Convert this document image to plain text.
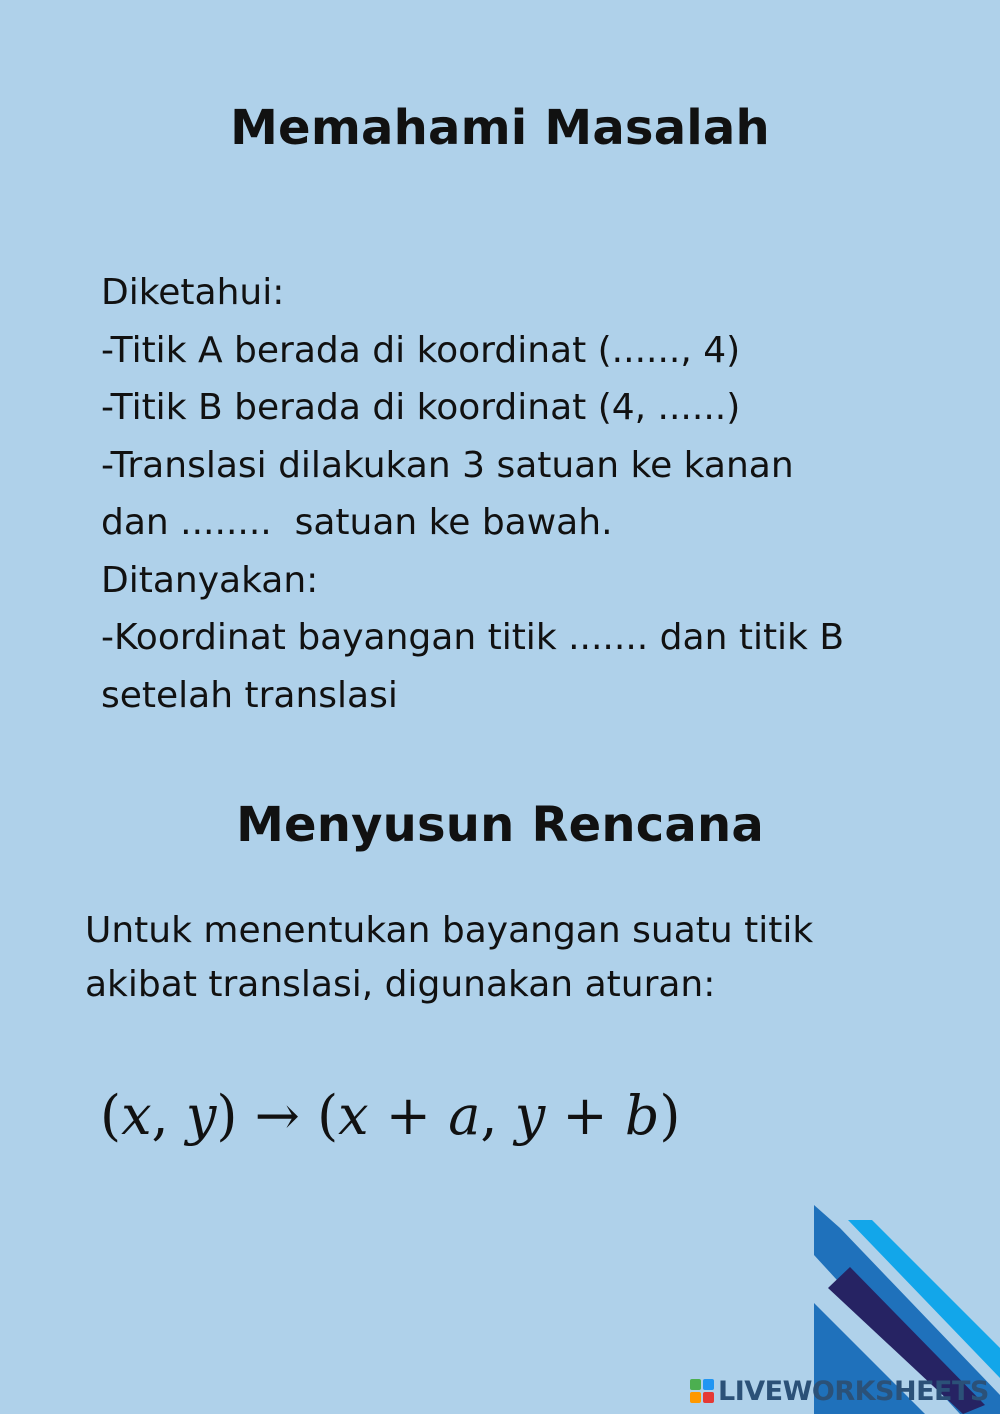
Memahami Masalah
Diketahui:
-Titik A berada di koordinat (......, 4)
-Titik B berada di koordinat (4, ......)
-Translasi dilakukan 3 satuan ke kanan
dan ........  satuan ke bawah.
Ditanyakan:
-Koordinat bayangan titik ....... dan titik B
setelah translasi
Menyusun Rencana
Untuk menentukan bayangan suatu titik
akibat translasi, digunakan aturan:
(x, y) → (x + a, y + b)
LIVEWORKSHEETS
